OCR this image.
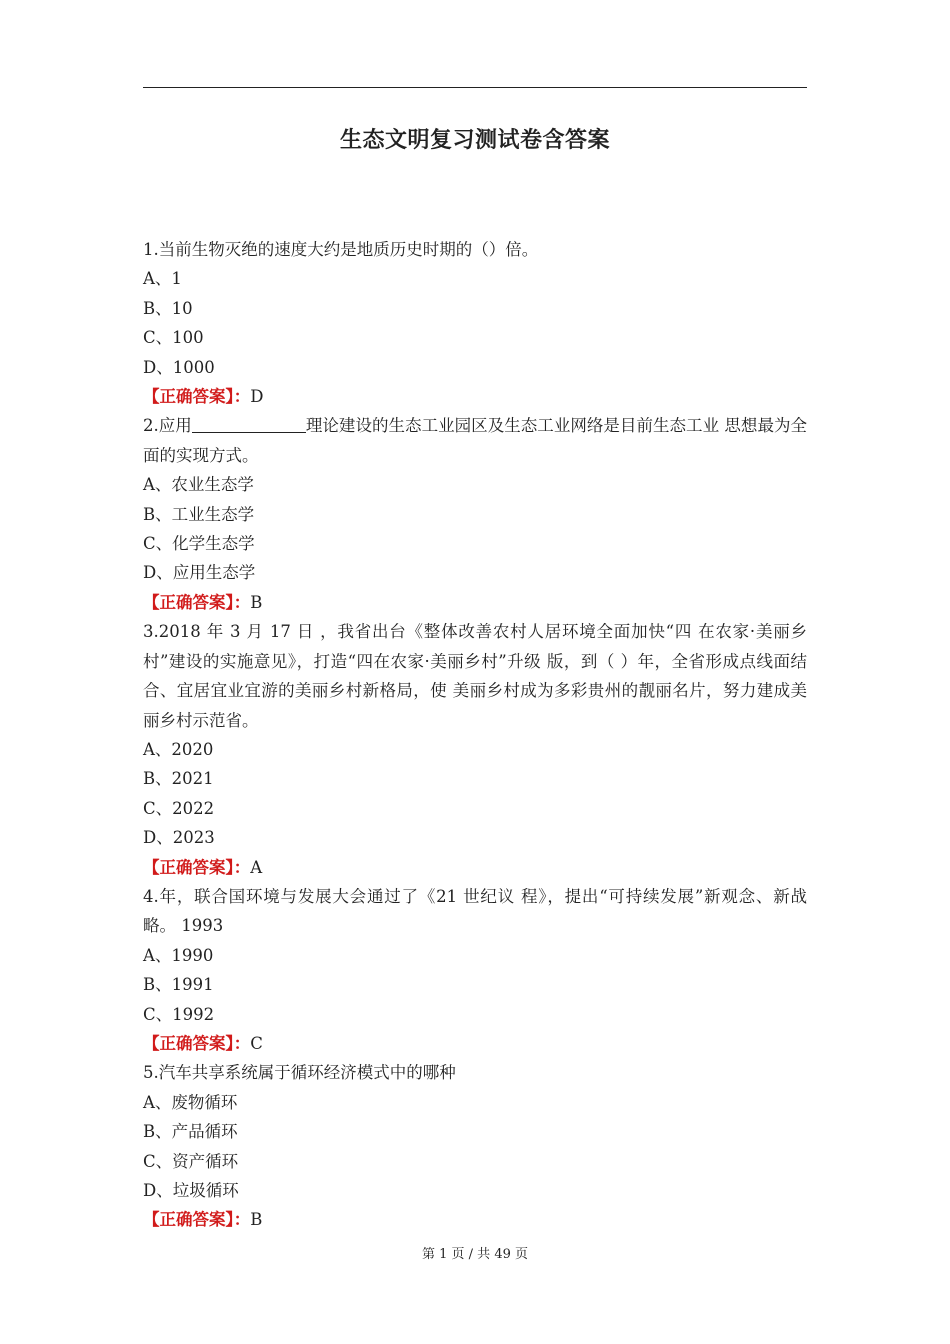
生态文明复习测试卷含答案
1.当前生物灭绝的速度大约是地质历史时期的（）倍。
A、1
B、10
C、100
D、1000
【正确答案】：D
2.应用	理论建设的生态工业园区及生态工业网络是目前生态工业 思想最为全面的实现方式。
A、农业生态学
B、工业生态学
C、化学生态学
D、应用生态学
【正确答案】：B
3.2018 年 3 月 17 日 ，我省出台《整体改善农村人居环境全面加快“四 在农家·美丽乡村”建设的实施意见》，打造“四在农家·美丽乡村”升级 版，到（ ）年，全省形成点线面结合、宜居宜业宜游的美丽乡村新格局，使 美丽乡村成为多彩贵州的靓丽名片，努力建成美丽乡村示范省。
A、2020
B、2021
C、2022
D、2023
【正确答案】：A
4.年，联合国环境与发展大会通过了《21 世纪议 程》，提出“可持续发展”新观念、新战略。 1993
A、1990
B、1991
C、1992
【正确答案】：C
5.汽车共享系统属于循环经济模式中的哪种
A、废物循环
B、产品循环
C、资产循环
D、垃圾循环
【正确答案】：B
第 1 页 / 共 49 页
